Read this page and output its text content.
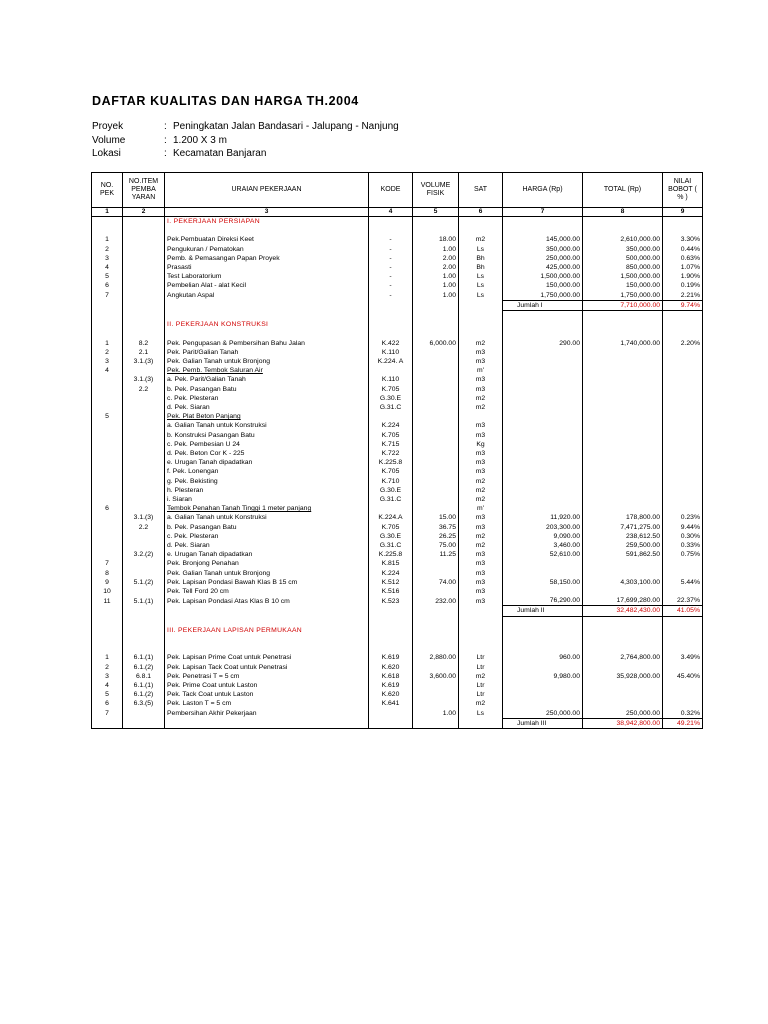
DAFTAR KUALITAS DAN HARGA TH.2004
Proyek	: Peningkatan Jalan Bandasari - Jalupang - Nanjung
Volume	: 1.200 X 3 m
Lokasi	: Kecamatan Banjaran
NO. PEK	NO.ITEM PEMBA YARAN	URAIAN PEKERJAAN	KODE	VOLUME FISIK	SAT	HARGA (Rp)	TOTAL (Rp)	NILAI BOBOT ( % )
1	2	3	4	5	6	7	8	9
		I. PEKERJAAN PERSIAPAN						

1		Pek.Pembuatan Direksi Keet	-	18.00	m2	145,000.00	2,610,000.00	3.30%
2		Pengukuran / Pematokan	-	1.00	Ls	350,000.00	350,000.00	0.44%
3		Pemb. & Pemasangan Papan Proyek	-	2.00	Bh	250,000.00	500,000.00	0.63%
4		Prasasti	-	2.00	Bh	425,000.00	850,000.00	1.07%
5		Test Laboratorium	-	1.00	Ls	1,500,000.00	1,500,000.00	1.90%
6		Pembelian Alat - alat Kecil	-	1.00	Ls	150,000.00	150,000.00	0.19%
7		Angkutan Aspal	-	1.00	Ls	1,750,000.00	1,750,000.00	2.21%
						Jumlah I	7,710,000.00	9.74%

		II. PEKERJAAN KONSTRUKSI						

1	8.2	Pek. Pengupasan & Pembersihan Bahu Jalan	K.422	6,000.00	m2	290.00	1,740,000.00	2.20%
2	2.1	Pek. Parit/Galian Tanah	K.110		m3			
3	3.1.(3)	Pek. Galian Tanah untuk Bronjong	K.224. A		m3			
4		Pek. Pemb. Tembok Saluran Air			m'			
	3.1.(3)	a. Pek. Parit/Galian Tanah	K.110		m3			
	2.2	b. Pek. Pasangan Batu	K.705		m3			
		c. Pek. Plesteran	G.30.E		m2			
		d. Pek. Siaran	G.31.C		m2			
5		Pek. Plat Beton Panjang						
		a. Galian Tanah untuk Konstruksi	K.224		m3			
		b. Konstruksi Pasangan Batu	K.705		m3			
		c. Pek. Pembesian U 24	K.715		Kg			
		d. Pek. Beton Cor K - 225	K.722		m3			
		e. Urugan Tanah dipadatkan	K.225.8		m3			
		f. Pek. Lonengan	K.705		m3			
		g. Pek. Bekisting	K.710		m2			
		h. Plesteran	G.30.E		m2			
		i. Siaran	G.31.C		m2			
6		Tembok Penahan Tanah Tinggi 1 meter panjang			m'			
	3.1.(3)	a. Galian Tanah untuk Konstruksi	K.224.A	15.00	m3	11,920.00	178,800.00	0.23%
	2.2	b. Pek. Pasangan Batu	K.705	36.75	m3	203,300.00	7,471,275.00	9.44%
		c. Pek. Plesteran	G.30.E	26.25	m2	9,090.00	238,612.50	0.30%
		d. Pek. Siaran	G.31.C	75.00	m2	3,460.00	259,500.00	0.33%
	3.2.(2)	e. Urugan Tanah dipadatkan	K.225.8	11.25	m3	52,610.00	591,862.50	0.75%
7		Pek. Bronjong Penahan	K.815		m3			
8		Pek. Galian Tanah untuk Bronjong	K.224		m3			
9	5.1.(2)	Pek. Lapisan Pondasi Bawah Klas B 15 cm	K.512	74.00	m3	58,150.00	4,303,100.00	5.44%
10		Pek. Tell Ford 20 cm	K.516		m3			
11	5.1.(1)	Pek. Lapisan Pondasi Atas Klas B 10 cm	K.523	232.00	m3	76,290.00	17,699,280.00	22.37%
						Jumlah II	32,482,430.00	41.05%

		III. PEKERJAAN LAPISAN PERMUKAAN						

1	6.1.(1)	Pek. Lapisan Prime Coat untuk Penetrasi	K.619	2,880.00	Ltr	960.00	2,764,800.00	3.49%
2	6.1.(2)	Pek. Lapisan Tack Coat untuk Penetrasi	K.620		Ltr			
3	6.8.1	Pek. Penetrasi T = 5 cm	K.618	3,600.00	m2	9,980.00	35,928,000.00	45.40%
4	6.1.(1)	Pek. Prime Coat untuk Laston	K.619		Ltr			
5	6.1.(2)	Pek. Tack Coat untuk Laston	K.620		Ltr			
6	6.3.(5)	Pek. Laston T = 5 cm	K.641		m2			
7		Pembersihan Akhir Pekerjaan		1.00	Ls	250,000.00	250,000.00	0.32%
						Jumlah III	38,942,800.00	49.21%
